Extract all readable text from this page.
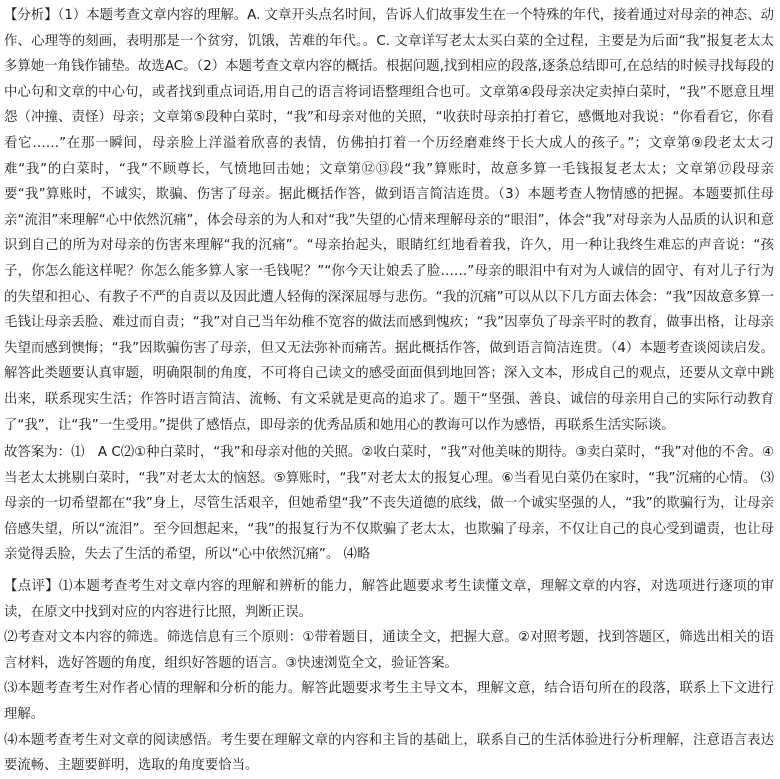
【分析】（1）本题考查文章内容的理解。A. 文章开头点名时间，告诉人们故事发生在一个特殊的年代，接着通过对母亲的神态、动作、心理等的刻画，表明那是一个贫穷，饥饿，苦难的年代。。C. 文章详写老太太买白菜的全过程，主要是为后面“我”报复老太太多算她一角钱作铺垫。故选AC。（2）本题考查文章内容的概括。根据问题,找到相应的段落,逐条总结即可,在总结的时候寻找每段的中心句和文章的中心句，或者找到重点词语,用自己的语言将词语整理组合也可。文章第④段母亲决定卖掉白菜时，“我”不愿意且埋怨（冲撞、责怪）母亲；文章第⑤段种白菜时，“我”和母亲对他的关照，“收获时母亲拍打着它，感慨地对我说：“你看看它，你看看它……”在那一瞬间，母亲脸上洋溢着欣喜的表情，仿佛拍打着一个历经磨难终于长大成人的孩子。”；文章第⑨段老太太刁难“我”的白菜时，“我”不顾尊长，气愤地回击她；文章第⑫⑬段“我”算账时，故意多算一毛钱报复老太太；文章第⑰段母亲要“我”算账时，不诚实，欺骗、伤害了母亲。据此概括作答，做到语言简洁连贯。（3）本题考查人物情感的把握。本题要抓住母亲“流泪”来理解“心中依然沉痛”，体会母亲的为人和对“我”失望的心情来理解母亲的“眼泪”，体会“我”对母亲为人品质的认识和意识到自己的所为对母亲的伤害来理解“我的沉痛”。“母亲抬起头，眼睛红红地看着我，许久，用一种让我终生难忘的声音说：“孩子，你怎么能这样呢？你怎么能多算人家一毛钱呢？”“你今天让娘丢了脸……”母亲的眼泪中有对为人诚信的固守、有对儿子行为的失望和担心、有教子不严的自责以及因此遭人轻侮的深深屈辱与悲伤。“我的沉痛”可以从以下几方面去体会：“我”因故意多算一毛钱让母亲丢脸、难过而自责；“我”对自己当年幼稚不宽容的做法而感到愧疚；“我”因辜负了母亲平时的教育，做事出格，让母亲失望而感到懊悔；“我”因欺骗伤害了母亲，但又无法弥补而痛苦。据此概括作答，做到语言简洁连贯。（4）本题考查谈阅读启发。解答此类题要认真审题，明确限制的角度，不可将自己读文的感受面面俱到地回答；深入文本，形成自己的观点，还要从文章中跳出来，联系现实生活；作答时语言简洁、流畅、有文采就是更高的追求了。题干“坚强、善良、诚信的母亲用自己的实际行动教育了“我”，让“我”一生受用。”提供了感悟点，即母亲的优秀品质和她用心的教诲可以作为感悟，再联系生活实际谈。

故答案为：⑴　A C⑵①种白菜时，“我”和母亲对他的关照。②收白菜时，“我”对他美味的期待。③卖白菜时，“我”对他的不舍。④当老太太挑剔白菜时，“我”对老太太的恼怒。⑤算账时，“我”对老太太的报复心理。⑥当看见白菜仍在家时，“我”沉痛的心情。 ⑶母亲的一切希望都在“我”身上，尽管生活艰辛，但她希望“我”不丧失道德的底线，做一个诚实坚强的人，“我”的欺骗行为，让母亲倍感失望，所以“流泪”。至今回想起来，“我”的报复行为不仅欺骗了老太太，也欺骗了母亲，不仅让自己的良心受到谴责，也让母亲觉得丢脸，失去了生活的希望，所以“心中依然沉痛”。 ⑷略

【点评】⑴本题考查考生对文章内容的理解和辨析的能力，解答此题要求考生读懂文章，理解文章的内容，对选项进行逐项的审读，在原文中找到对应的内容进行比照，判断正误。
⑵考查对文本内容的筛选。筛选信息有三个原则：①带着题目，通读全文，把握大意。②对照考题，找到答题区，筛选出相关的语言材料，选好答题的角度，组织好答题的语言。③快速浏览全文，验证答案。
⑶本题考查考生对作者心情的理解和分析的能力。解答此题要求考生主导文本，理解文意，结合语句所在的段落，联系上下文进行理解。
⑷本题考查考生对文章的阅读感悟。考生要在理解文章的内容和主旨的基础上，联系自己的生活体验进行分析理解，注意语言表达要流畅、主题要鲜明，选取的角度要恰当。
